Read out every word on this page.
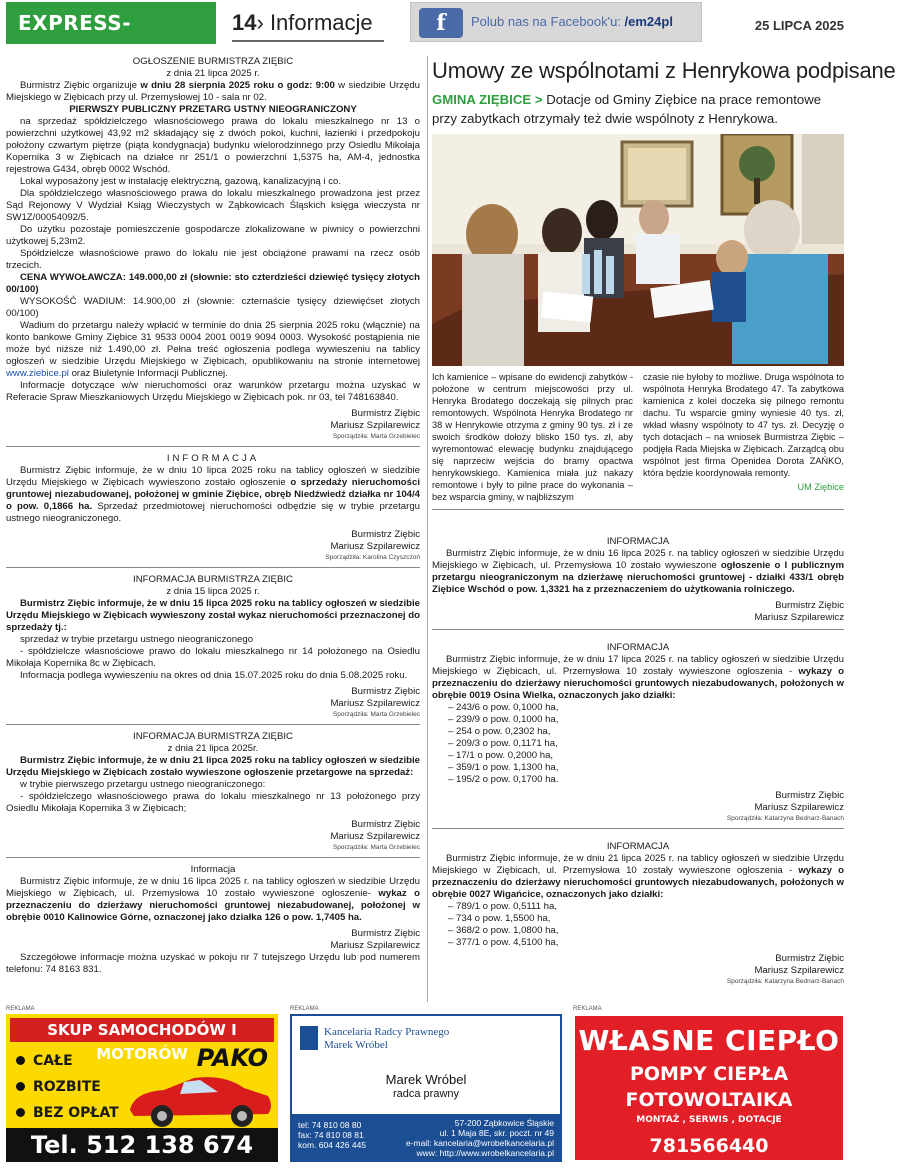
EXPRESS-MIEJSKI.PL
14› Informacje	f	Polub nas na Facebook'u: /em24pl	25 LIPCA 2025
OGŁOSZENIE BURMISTRZA ZIĘBIC
z dnia 21 lipca 2025 r.

Burmistrz Ziębic organizuje w dniu 28 sierpnia 2025 roku o godz: 9:00 w siedzibie Urzędu Miejskiego w Ziębicach przy ul. Przemysłowej 10 - sala nr 02.

PIERWSZY PUBLICZNY PRZETARG USTNY NIEOGRANICZONY

na sprzedaż spółdzielczego własnościowego prawa do lokalu mieszkalnego nr 13 o powierzchni użytkowej 43,92 m2 składający się z dwóch pokoi, kuchni, łazienki i przedpokoju położony czwartym piętrze (piąta kondygnacja) budynku wielorodzinnego przy Osiedlu Mikołaja Kopernika 3 w Ziębicach na działce nr 251/1 o powierzchni 1,5375 ha, AM-4, jednostka rejestrowa G434, obręb 0002 Wschód.

Lokal wyposażony jest w instalację elektryczną, gazową, kanalizacyjną i co.

Dla spółdzielczego własnościowego prawa do lokalu mieszkalnego prowadzona jest przez Sąd Rejonowy V Wydział Ksiąg Wieczystych w Ząbkowicach Śląskich księga wieczysta nr SW1Z/00054092/5.

Do użytku pozostaje pomieszczenie gospodarcze zlokalizowane w piwnicy o powierzchni użytkowej 5,23m2.

Spółdzielcze własnościowe prawo do lokalu nie jest obciążone prawami na rzecz osób trzecich.

CENA WYWOŁAWCZA: 149.000,00 zł (słownie: sto czterdzieści dziewięć tysięcy złotych 00/100)

WYSOKOŚĆ WADIUM: 14.900,00 zł (słownie: czternaście tysięcy dziewięćset złotych 00/100)

Wadium do przetargu należy wpłacić w terminie do dnia 25 sierpnia 2025 roku (włącznie) na konto bankowe Gminy Ziębice 31 9533 0004 2001 0019 9094 0003. Wysokość postąpienia nie może być niższe niż 1.490,00 zł. Pełna treść ogłoszenia podlega wywieszeniu na tablicy ogłoszeń w siedzibie Urzędu Miejskiego w Ziębicach, opublikowaniu na stronie internetowej www.ziebice.pl oraz Biuletynie Informacji Publicznej.

Informacje dotyczące w/w nieruchomości oraz warunków przetargu można uzyskać w Referacie Spraw Mieszkaniowych Urzędu Miejskiego w Ziębicach pok. nr 03, tel 748163840.

Burmistrz Ziębic
Mariusz Szpilarewicz
Sporządziła: Marta Grzebielec
INFORMACJA

Burmistrz Ziębic informuje, że w dniu 10 lipca 2025 roku na tablicy ogłoszeń w siedzibie Urzędu Miejskiego w Ziębicach wywieszono zostało ogłoszenie o sprzedaży nieruchomości gruntowej niezabudowanej, położonej w gminie Ziębice, obręb Niedźwiedź działka nr 104/4 o pow. 0,1866 ha. Sprzedaż przedmiotowej nieruchomości odbędzie się w trybie przetargu ustnego nieograniczonego.

Burmistrz Ziębic
Mariusz Szpilarewicz
Sporządziła: Karolina Czyszczoń
INFORMACJA BURMISTRZA ZIĘBIC
z dnia 15 lipca 2025 r.

Burmistrz Ziębic informuje, że w dniu 15 lipca 2025 roku na tablicy ogłoszeń w siedzibie Urzędu Miejskiego w Ziębicach wywieszony został wykaz nieruchomości przeznaczonej do sprzedaży tj.:

sprzedaż w trybie przetargu ustnego nieograniczonego

- spółdzielcze własnościowe prawo do lokalu mieszkalnego nr 14 położonego na Osiedlu Mikołaja Kopernika 8c w Ziębicach.

Informacja podlega wywieszeniu na okres od dnia 15.07.2025 roku do dnia 5.08.2025 roku.

Burmistrz Ziębic
Mariusz Szpilarewicz
Sporządziła: Marta Grzebielec
INFORMACJA BURMISTRZA ZIĘBIC
z dnia 21 lipca 2025r.

Burmistrz Ziębic informuje, że w dniu 21 lipca 2025 roku na tablicy ogłoszeń w siedzibie Urzędu Miejskiego w Ziębicach zostało wywieszone ogłoszenie przetargowe na sprzedaż:

w trybie pierwszego przetargu ustnego nieograniczonego:

- spółdzielczego własnościowego prawa do lokalu mieszkalnego nr 13 położonego przy Osiedlu Mikołaja Kopernika 3 w Ziębicach;

Burmistrz Ziębic
Mariusz Szpilarewicz
Sporządziła: Marta Grzebielec
Informacja

Burmistrz Ziębic informuje, że w dniu 16 lipca 2025 r. na tablicy ogłoszeń w siedzibie Urzędu Miejskiego w Ziębicach, ul. Przemysłowa 10 zostało wywieszone ogłoszenie- wykaz o przeznaczeniu do dzierżawy nieruchomości gruntowej niezabudowanej, położonej w obrębie 0010 Kalinowice Górne, oznaczonej jako działka 126 o pow. 1,7405 ha.

Burmistrz Ziębic
Mariusz Szpilarewicz

Szczegółowe informacje można uzyskać w pokoju nr 7 tutejszego Urzędu lub pod numerem telefonu: 74 8163 831.

Umowy ze wspólnotami z Henrykowa podpisane
GMINA ZIĘBICE > Dotacje od Gminy Ziębice na prace remontowe przy zabytkach otrzymały też dwie wspólnoty z Henrykowa.
Ich kamienice – wpisane do ewidencji zabytków - położone w centrum miejscowości przy ul. Henryka Brodatego doczekają się pilnych prac remontowych. Wspólnota Henryka Brodatego nr 38 w Henrykowie otrzyma z gminy 90 tys. zł i ze swoich środków dołoży blisko 150 tys. zł, aby wyremontować elewację budynku znajdującego się naprzeciw wejścia do bramy opactwa henrykowskiego. Kamienica miała już nakazy remontowe i były to pilne prace do wykonania – bez wsparcia gminy, w najbliższym
czasie nie byłoby to możliwe. Druga wspólnota to wspólnota Henryka Brodatego 47. Ta zabytkowa kamienica z kolei doczeka się pilnego remontu dachu. Tu wsparcie gminy wyniesie 40 tys. zł, wkład własny wspólnoty to 47 tys. zł. Decyzję o tych dotacjach – na wniosek Burmistrza Ziębic – podjęła Rada Miejska w Ziębicach. Zarządcą obu wspólnot jest firma Openidea Dorota ZAŃKO, która będzie koordynowała remonty.
UM Ziębice
INFORMACJA

Burmistrz Ziębic informuje, że w dniu 16 lipca 2025 r. na tablicy ogłoszeń w siedzibie Urzędu Miejskiego w Ziębicach, ul. Przemysłowa 10 zostało wywieszone ogłoszenie o I publicznym przetargu nieograniczonym na dzierżawę nieruchomości gruntowej - działki 433/1 obręb Ziębice Wschód o pow. 1,3321 ha z przeznaczeniem do użytkowania rolniczego.

Burmistrz Ziębic
Mariusz Szpilarewicz
INFORMACJA

Burmistrz Ziębic informuje, że w dniu 17 lipca 2025 r. na tablicy ogłoszeń w siedzibie Urzędu Miejskiego w Ziębicach, ul. Przemysłowa 10 zostały wywieszone ogłoszenia - wykazy o przeznaczeniu do dzierżawy nieruchomości gruntowych niezabudowanych, położonych w obrębie 0019 Osina Wielka, oznaczonych jako działki:

– 243/6 o pow. 0,1000 ha,
– 239/9 o pow. 0,1000 ha,
– 254 o pow. 0,2302 ha,
– 209/3 o pow. 0,1171 ha,
– 17/1 o pow. 0,2000 ha,
– 359/1 o pow. 1,1300 ha,
– 195/2 o pow. 0,1700 ha.
Burmistrz Ziębic
Mariusz Szpilarewicz
Sporządziła: Katarzyna Bednarz-Banach
INFORMACJA

Burmistrz Ziębic informuje, że w dniu 21 lipca 2025 r. na tablicy ogłoszeń w siedzibie Urzędu Miejskiego w Ziębicach, ul. Przemysłowa 10 zostały wywieszone ogłoszenia - wykazy o przeznaczeniu do dzierżawy nieruchomości gruntowych niezabudowanych, położonych w obrębie 0027 Wigańcice, oznaczonych jako działki:

– 789/1 o pow. 0,5111 ha,
– 734 o pow. 1,5500 ha,
– 368/2 o pow. 1,0800 ha,
– 377/1 o pow. 4,5100 ha,
Burmistrz Ziębic
Mariusz Szpilarewicz
Sporządziła: Katarzyna Bednarz-Banach
REKLAMA	REKLAMA	REKLAMA
SKUP SAMOCHODÓW I MOTORÓW PAKO
CAŁE
ROZBITE
BEZ OPŁAT
Tel. 512 138 674
Kancelaria Radcy Prawnego
Marek Wróbel
Marek Wróbel
radca prawny
tel: 74 810 08 80
fax: 74 810 08 81
kom. 604 426 445
57-200 Ząbkowice Śląskie
ul. 1 Maja 8E, skr. poczt. nr 49
e-mail: kancelaria@wrobelkancelaria.pl
www: http://www.wrobelkancelaria.pl
WŁASNE CIEPŁO
POMPY CIEPŁA
FOTOWOLTAIKA
MONTAŻ , SERWIS , DOTACJE
781566440
